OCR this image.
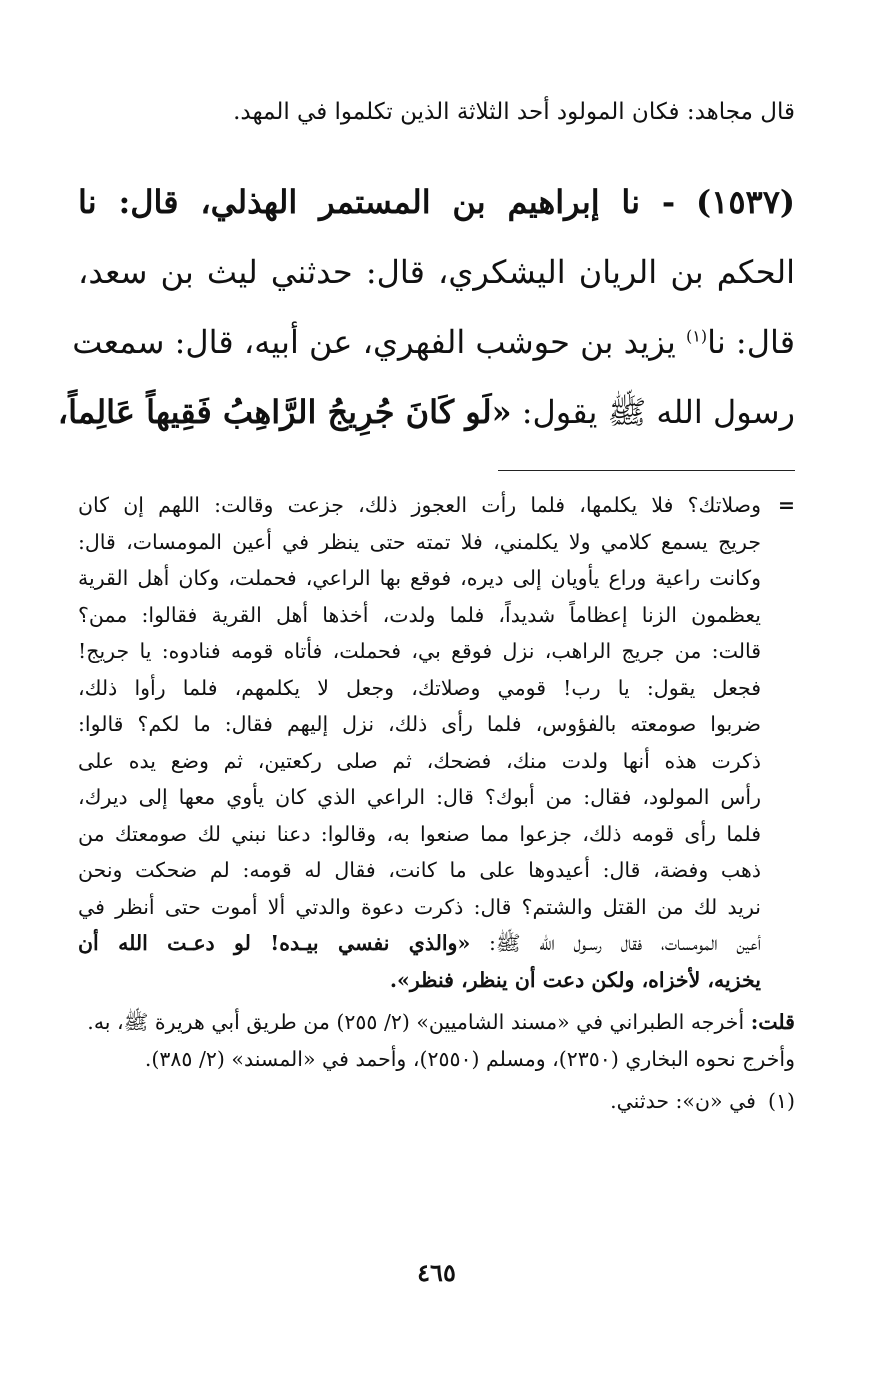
قال مجاهد: فكان المولود أحد الثلاثة الذين تكلموا في المهد.
(١٥٣٧) - نا إبراهيم بن المستمر الهذلي، قال: نا
الحكم بن الريان اليشكري، قال: حدثني ليث بن سعد،
قال: نا$^{(١)}$ يزيد بن حوشب الفهري، عن أبيه، قال: سمعت
رسول الله ﷺ يقول: «لَو كَانَ جُرِيجُ الرَّاهِبُ فَقِيهاً عَالِماً،
=
وصلاتك؟ فلا يكلمها، فلما رأت العجوز ذلك، جزعت وقالت: اللهم إن كان
جريج يسمع كلامي ولا يكلمني، فلا تمته حتى ينظر في أعين المومسات، قال:
وكانت راعية وراع يأويان إلى ديره، فوقع بها الراعي، فحملت، وكان أهل القرية
يعظمون الزنا إعظاماً شديداً، فلما ولدت، أخذها أهل القرية فقالوا: ممن؟
قالت: من جريج الراهب، نزل فوقع بي، فحملت، فأتاه قومه فنادوه: يا جريج!
فجعل يقول: يا رب! قومي وصلاتك، وجعل لا يكلمهم، فلما رأوا ذلك،
ضربوا صومعته بالفؤوس، فلما رأى ذلك، نزل إليهم فقال: ما لكم؟ قالوا:
ذكرت هذه أنها ولدت منك، فضحك، ثم صلى ركعتين، ثم وضع يده على
رأس المولود، فقال: من أبوك؟ قال: الراعي الذي كان يأوي معها إلى ديرك،
فلما رأى قومه ذلك، جزعوا مما صنعوا به، وقالوا: دعنا نبني لك صومعتك من
ذهب وفضة، قال: أعيدوها على ما كانت، فقال له قومه: لم ضحكت ونحن
نريد لك من القتل والشتم؟ قال: ذكرت دعوة والدتي ألا أموت حتى أنظر في
أعين المومسات، فقال رسـول الله ﷺ: «والذي نفسي بيـده! لو دعـت الله أن
يخزيه، لأخزاه، ولكن دعت أن ينظر، فنظر».
قلت: أخرجه الطبراني في «مسند الشاميين» (٢/ ٢٥٥) من طريق أبي هريرة ﷺ، به.
وأخرج نحوه البخاري (٢٣٥٠)، ومسلم (٢٥٥٠)، وأحمد في «المسند» (٢/ ٣٨٥).
(١)في «ن»: حدثني.
٤٦٥
